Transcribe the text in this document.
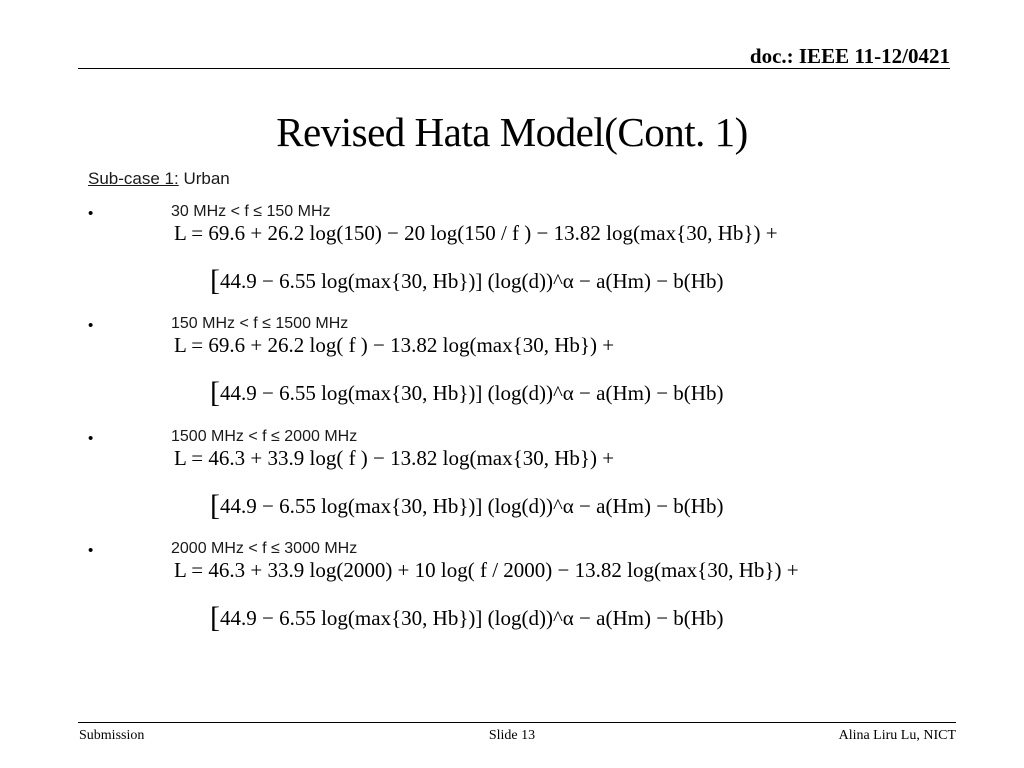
doc.: IEEE 11-12/0421
Revised Hata Model(Cont. 1)
Sub-case 1: Urban
•	30 MHz < f ≤ 150 MHz
L = 69.6 + 26.2 log(150) − 20 log(150 / f ) − 13.82 log(max{30, Hb}) +
[44.9 − 6.55 log(max{30, Hb})] (log(d))^α − a(Hm) − b(Hb)
•	150 MHz < f ≤ 1500 MHz
L = 69.6 + 26.2 log( f ) − 13.82 log(max{30, Hb}) +
[44.9 − 6.55 log(max{30, Hb})] (log(d))^α − a(Hm) − b(Hb)
•	1500 MHz < f ≤ 2000 MHz
L = 46.3 + 33.9 log( f ) − 13.82 log(max{30, Hb}) +
[44.9 − 6.55 log(max{30, Hb})] (log(d))^α − a(Hm) − b(Hb)
•	2000 MHz < f ≤ 3000 MHz
L = 46.3 + 33.9 log(2000) + 10 log( f / 2000) − 13.82 log(max{30, Hb}) +
[44.9 − 6.55 log(max{30, Hb})] (log(d))^α − a(Hm) − b(Hb)
Submission	Slide 13	Alina Liru Lu, NICT
